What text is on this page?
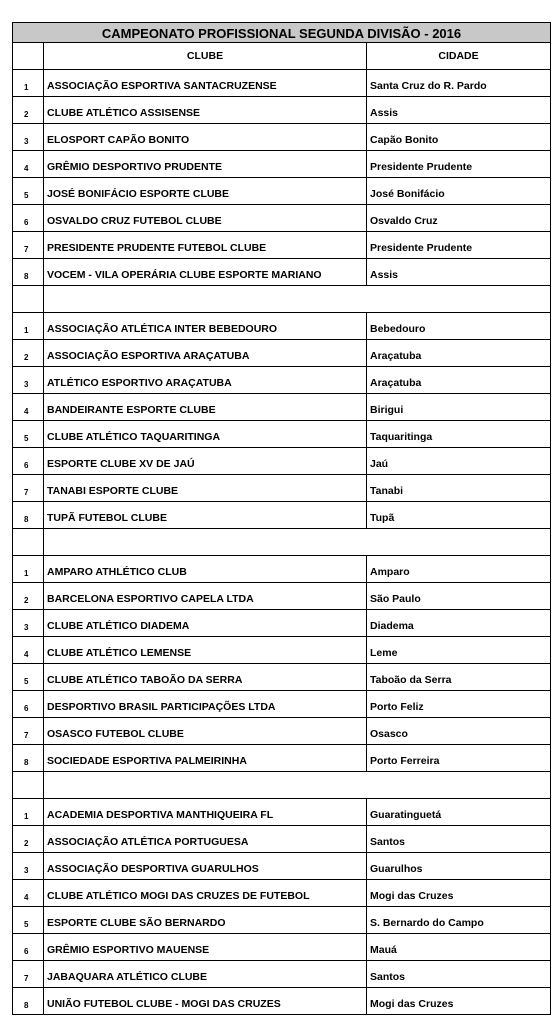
CAMPEONATO PROFISSIONAL SEGUNDA DIVISÃO - 2016
CLUBE	CIDADE
1	ASSOCIAÇÃO ESPORTIVA SANTACRUZENSE	Santa Cruz do R. Pardo
2	CLUBE ATLÉTICO ASSISENSE	Assis
3	ELOSPORT CAPÃO BONITO	Capão Bonito
4	GRÊMIO DESPORTIVO PRUDENTE	Presidente Prudente
5	JOSÉ BONIFÁCIO ESPORTE CLUBE	José Bonifácio
6	OSVALDO CRUZ FUTEBOL CLUBE	Osvaldo Cruz
7	PRESIDENTE PRUDENTE FUTEBOL CLUBE	Presidente Prudente
8	VOCEM - VILA OPERÁRIA CLUBE ESPORTE MARIANO	Assis
1	ASSOCIAÇÃO ATLÉTICA INTER BEBEDOURO	Bebedouro
2	ASSOCIAÇÃO ESPORTIVA ARAÇATUBA	Araçatuba
3	ATLÉTICO ESPORTIVO ARAÇATUBA	Araçatuba
4	BANDEIRANTE ESPORTE CLUBE	Birigui
5	CLUBE ATLÉTICO TAQUARITINGA	Taquaritinga
6	ESPORTE CLUBE XV DE JAÚ	Jaú
7	TANABI ESPORTE CLUBE	Tanabi
8	TUPÃ FUTEBOL CLUBE	Tupã
1	AMPARO ATHLÉTICO CLUB	Amparo
2	BARCELONA ESPORTIVO CAPELA LTDA	São Paulo
3	CLUBE ATLÉTICO DIADEMA	Diadema
4	CLUBE ATLÉTICO LEMENSE	Leme
5	CLUBE ATLÉTICO TABOÃO DA SERRA	Taboão da Serra
6	DESPORTIVO BRASIL PARTICIPAÇÕES LTDA	Porto Feliz
7	OSASCO FUTEBOL CLUBE	Osasco
8	SOCIEDADE ESPORTIVA PALMEIRINHA	Porto Ferreira
1	ACADEMIA DESPORTIVA MANTHIQUEIRA FL	Guaratinguetá
2	ASSOCIAÇÃO ATLÉTICA PORTUGUESA	Santos
3	ASSOCIAÇÃO DESPORTIVA GUARULHOS	Guarulhos
4	CLUBE ATLÉTICO MOGI DAS CRUZES DE FUTEBOL	Mogi das Cruzes
5	ESPORTE CLUBE SÃO BERNARDO	S. Bernardo do Campo
6	GRÊMIO ESPORTIVO MAUENSE	Mauá
7	JABAQUARA ATLÉTICO CLUBE	Santos
8	UNIÃO FUTEBOL CLUBE - MOGI DAS CRUZES	Mogi das Cruzes
